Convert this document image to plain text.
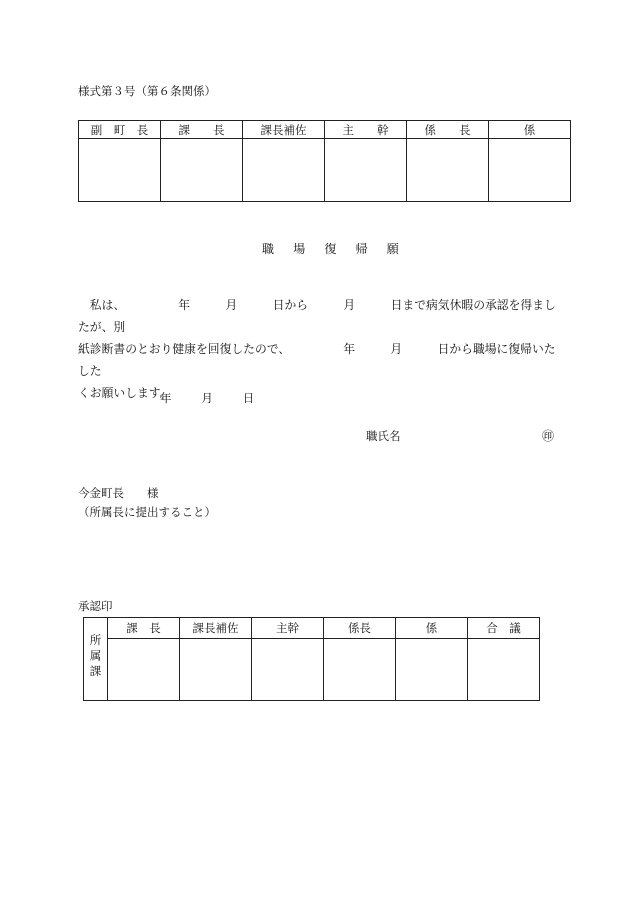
様式第３号（第６条関係）
副　町　長	課　　長	課長補佐	主　　幹	係　　長	係

職場復帰願
　私は、　　　　　年　　　月　　　日から　　　月　　　日まで病気休暇の承認を得ましたが、別
紙診断書のとおり健康を回復したので、　　　　　年　　　月　　　日から職場に復帰いたした
くお願いします。
年　　月　　日
職氏名	㊞
今金町長　　様
（所属長に提出すること）
承認印
所属課	課　長	課長補佐	主幹	係長	係	合　議
